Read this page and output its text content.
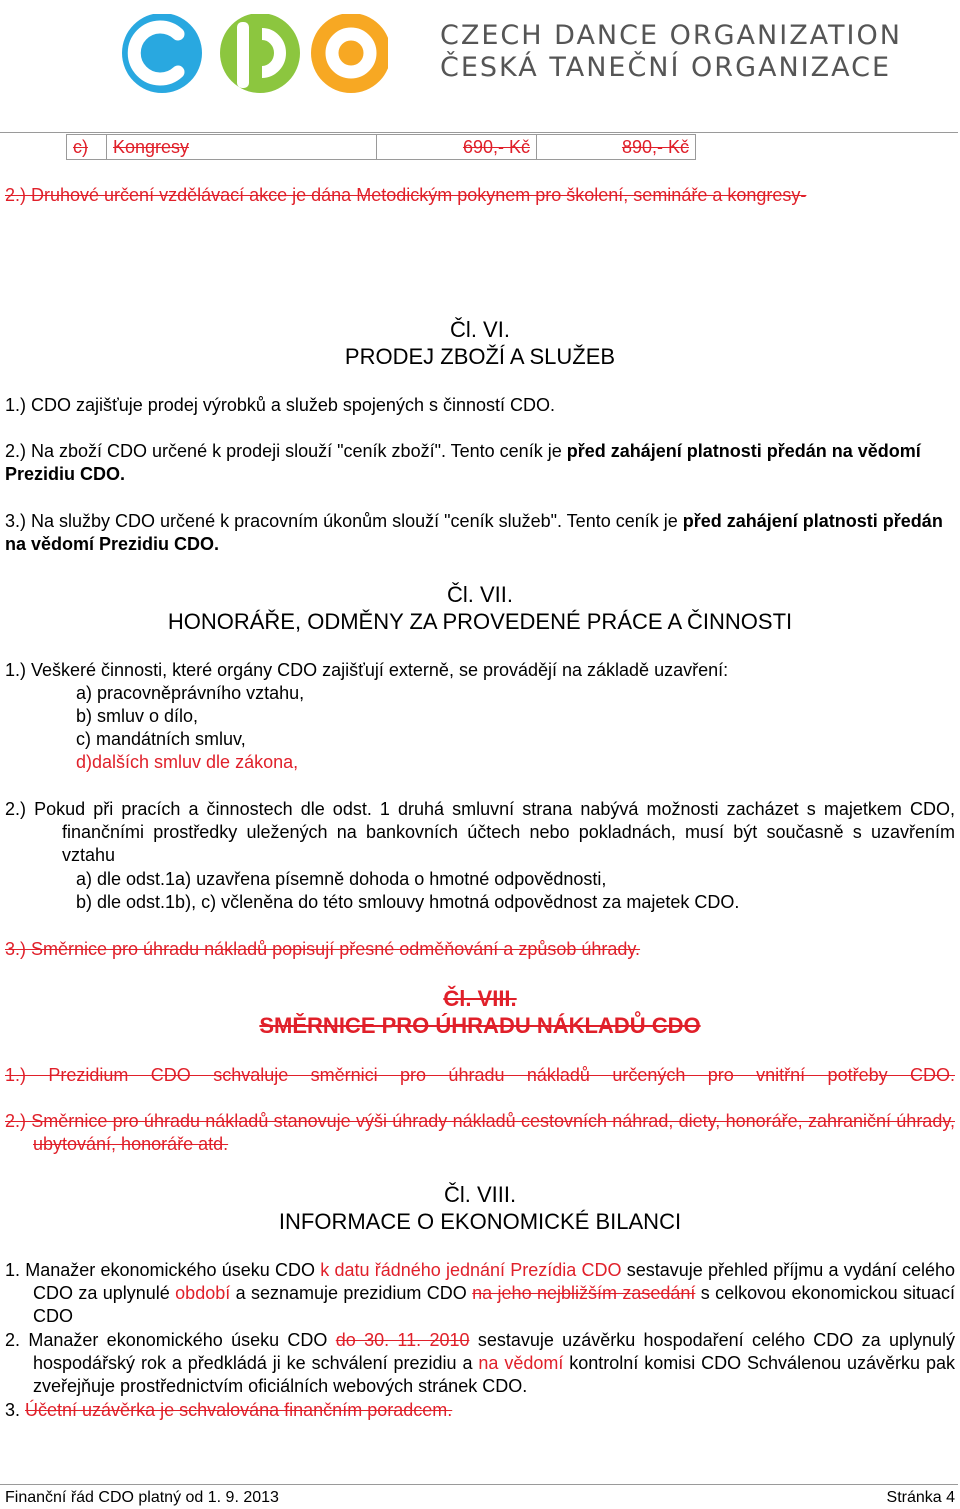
CZECH DANCE ORGANIZATION
ČESKÁ TANEČNÍ ORGANIZACE
c)	Kongresy	690,- Kč	890,- Kč
2.) Druhové určení vzdělávací akce je dána Metodickým pokynem pro školení, semináře a kongresy-
Čl. VI.
PRODEJ ZBOŽÍ A SLUŽEB
1.) CDO zajišťuje prodej výrobků a služeb spojených s činností CDO.
2.) Na zboží CDO určené k prodeji slouží "ceník zboží". Tento ceník je před zahájení platnosti předán na vědomí Prezidiu CDO.
3.) Na služby CDO určené k pracovním úkonům slouží "ceník služeb". Tento ceník je před zahájení platnosti předán na vědomí Prezidiu CDO.
Čl. VII.
HONORÁŘE, ODMĚNY ZA PROVEDENÉ PRÁCE A ČINNOSTI
1.) Veškeré činnosti, které orgány CDO zajišťují externě, se provádějí na základě uzavření:
a) pracovněprávního vztahu,
b) smluv o dílo,
c) mandátních smluv,
d)dalších smluv dle zákona,
2.) Pokud při pracích a činnostech dle odst. 1 druhá smluvní strana nabývá možnosti zacházet s majetkem CDO, finančními prostředky uležených na bankovních účtech nebo pokladnách, musí být současně s uzavřením vztahu
a) dle odst.1a) uzavřena písemně dohoda o hmotné odpovědnosti,
b) dle odst.1b), c) včleněna do této smlouvy hmotná odpovědnost za majetek CDO.
3.) Směrnice pro úhradu nákladů popisují přesné odměňování a způsob úhrady.
Čl. VIII.
SMĚRNICE PRO ÚHRADU NÁKLADŮ CDO
1.) Prezidium CDO schvaluje směrnici pro úhradu nákladů určených pro vnitřní potřeby CDO.
2.) Směrnice pro úhradu nákladů stanovuje výši úhrady nákladů cestovních náhrad, diety, honoráře, zahraniční úhrady, ubytování, honoráře atd.
Čl. VIII.
INFORMACE O EKONOMICKÉ BILANCI
1. Manažer ekonomického úseku CDO k datu řádného jednání Prezídia CDO sestavuje přehled příjmu a vydání celého CDO za uplynulé období a seznamuje prezidium CDO na jeho nejbližším zasedání s celkovou ekonomickou situací CDO
2. Manažer ekonomického úseku CDO do 30. 11. 2010 sestavuje uzávěrku hospodaření celého CDO za uplynulý hospodářský rok a předkládá ji ke schválení prezidiu a na vědomí kontrolní komisi CDO Schválenou uzávěrku pak zveřejňuje prostřednictvím oficiálních webových stránek CDO.
3. Účetní uzávěrka je schvalována finančním poradcem.
Finanční řád CDO platný od 1. 9. 2013	Stránka 4
